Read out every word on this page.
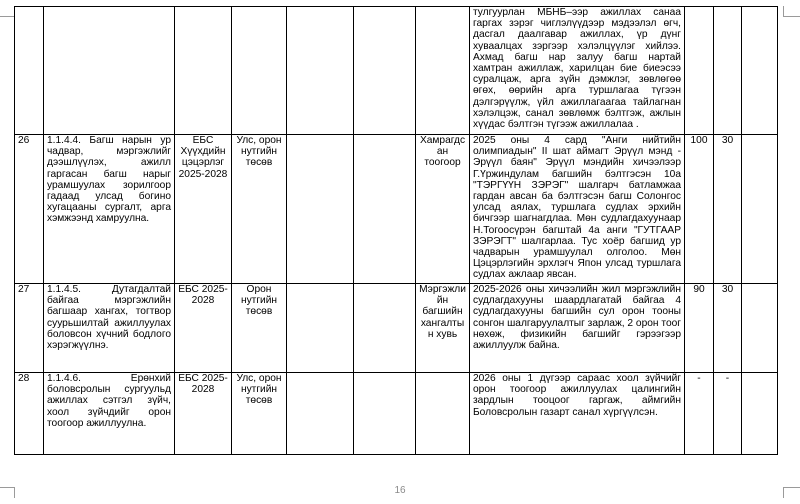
							тулгуурлан МБНБ–ээр ажиллах санаа гаргах зэрэг чиглэлүүдээр мэдээлэл өгч, дасгал даалгавар ажиллах, үр дүнг хуваалцах зэргээр хэлэлцүүлэг хийлээ. Ахмад багш нар залуу багш нартай хамтран ажиллаж, харилцан бие биеэсээ суралцаж, арга зүйн дэмжлэг, зөвлөгөө өгөх, өөрийн арга туршлагаа түгээн дэлгэрүүлж, үйл ажиллагаагаа тайлагнан хэлэлцэж, санал зөвлөмж бэлтгэж, ажлын хүүдас бэлтгэн түгээж ажиллалаа .			
26	1.1.4.4. Багш нарын ур чадвар, мэргэжлийг дээшлүүлэх, ажилл гаргасан багш нарыг урамшуулах зорилгоор гадаад улсад богино хугацааны сургалт, арга хэмжээнд хамруулна.	ЕБС Хүүхдийн цэцэрлэг 2025-2028	Улс, орон нутгийн төсөв			Хамрагдс ан тоогоор	2025 оны 4 сард "Анги нийтийн олимпиадын" II шат аймагт Эрүүл мэнд - Эрүүл баян" Эрүүл мэндийн хичээлээр Г.Үржиндулам багшийн бэлтгэсэн 10а "ТЭРГҮҮН ЗЭРЭГ" шалгарч батламжаа гардан авсан ба бэлтгэсэн багш Солонгос улсад аялах, туршлага судлах эрхийн бичгээр шагнагдлаа. Мөн судлагдахуунаар Н.Тогоосүрэн багштай 4а анги "ГУТГААР ЗЭРЭГТ" шалгарлаа. Тус хоёр багшид ур чадварын урамшуулал олголоо. Мөн Цэцэрлэгийн эрхлэгч Япон улсад туршлага судлах ажлаар явсан.	100	30	
27	1.1.4.5. Дутагдалтай байгаа мэргэжлийн багшаар хангах, тогтвор суурьшилтай ажиллуулах боловсон хүчний бодлого хэрэгжүүлнэ.	ЕБС 2025-2028	Орон нутгийн төсөв			Мэргэжли йн багшийн хангалты н хувь	2025-2026 оны хичээлийн жил мэргэжлийн судлагдахууны шаардлагатай байгаа 4 судлагдахууны багшийн сул орон тооны сонгон шалгаруулалтыг зарлаж, 2 орон тоог нөхөж, физикийн багшийг гэрээгээр ажиллуулж байна.	90	30	
28	1.1.4.6. Ерөнхий боловсролын сургуульд ажиллах сэтгэл зүйч, хоол зүйчдийг орон тоогоор ажиллуулна.	ЕБС 2025-2028	Улс, орон нутгийн төсөв				2026 оны 1 дүгээр сараас хоол зүйчийг орон тоогоор ажиллуулах цалингийн зардлын тооцоог гаргаж, аймгийн Боловсролын газарт санал хүргүүлсэн.	-	-	
16
